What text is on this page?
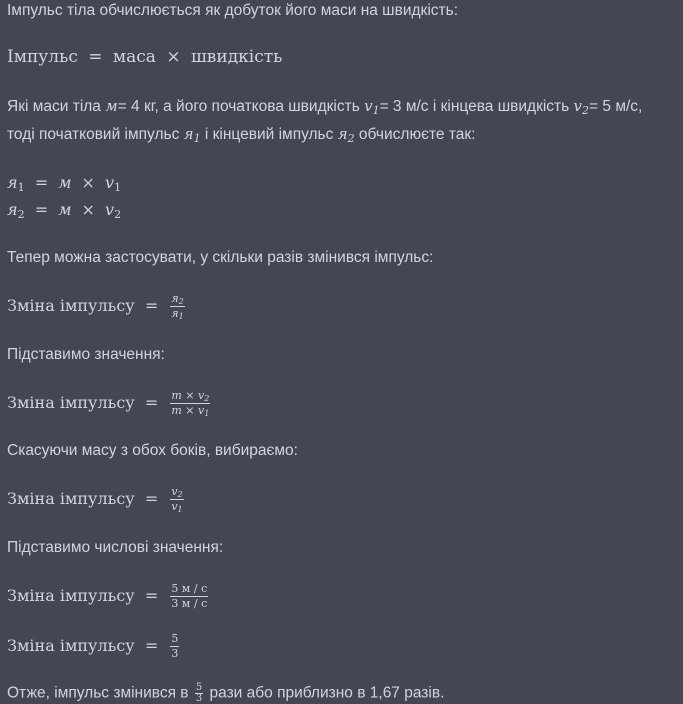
Імпульс тіла обчислюється як добуток його маси на швидкість:
Імпульс = маса × швидкість
Які маси тіла м= 4 кг, а його початкова швидкість $v_1= 3$ м/с і кінцева швидкість $v_2= 5$ м/с,
тоді початковий імпульс $я_1$ і кінцевий імпульс $я_2$ обчислюєте так:
$я_1 = м \times v_1$
$я_2 = м \times v_2$
Тепер можна застосувати, у скільки разів змінився імпульс:
Зміна імпульсу = $\frac{я_2}{я_1}$
Підставимо значення:
Зміна імпульсу = $\frac{m \times v_2}{m \times v_1}$
Скасуючи масу з обох боків, вибираємо:
Зміна імпульсу = $\frac{v_2}{v_1}$
Підставимо числові значення:
Зміна імпульсу = $\frac{5 м / с}{3 м / с}$
Зміна імпульсу = $\frac{5}{3}$
Отже, імпульс змінився в $\frac{5}{3}$ рази або приблизно в 1,67 разів.
